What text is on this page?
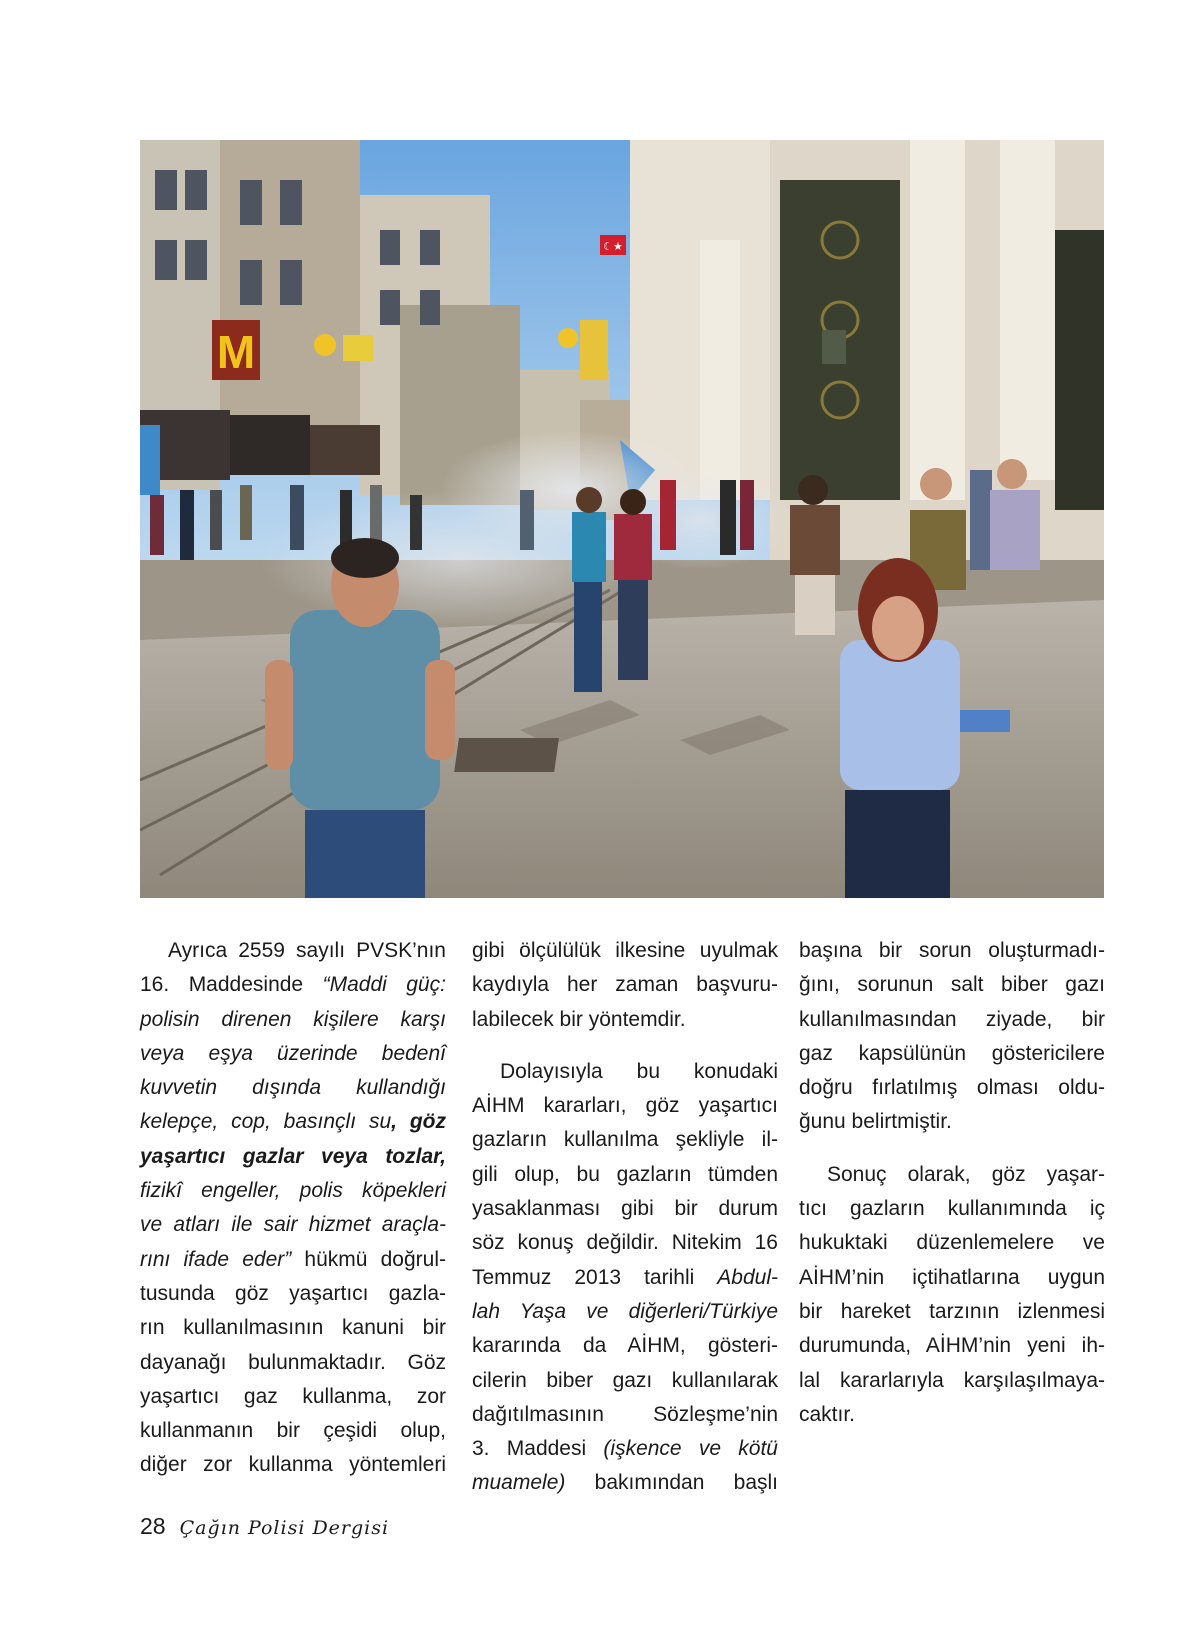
M
☾★

Ayrıca 2559 sayılı PVSK’nın
16. Maddesinde “Maddi güç:
polisin direnen kişilere karşı
veya eşya üzerinde bedenî
kuvvetin dışında kullandığı
kelepçe, cop, basınçlı su, göz
yaşartıcı gazlar veya tozlar,
fizikî engeller, polis köpekleri
ve atları ile sair hizmet araçla-
rını ifade eder” hükmü doğrul-
tusunda göz yaşartıcı gazla-
rın kullanılmasının kanuni bir
dayanağı bulunmaktadır. Göz
yaşartıcı gaz kullanma, zor
kullanmanın bir çeşidi olup,
diğer zor kullanma yöntemleri

gibi ölçülülük ilkesine uyulmak
kaydıyla her zaman başvuru-
labilecek bir yöntemdir.

Dolayısıyla bu konudaki
AİHM kararları, göz yaşartıcı
gazların kullanılma şekliyle il-
gili olup, bu gazların tümden
yasaklanması gibi bir durum
söz konuş değildir. Nitekim 16
Temmuz 2013 tarihli Abdul-
lah Yaşa ve diğerleri/Türkiye
kararında da AİHM, gösteri-
cilerin biber gazı kullanılarak
dağıtılmasının Sözleşme’nin
3. Maddesi (işkence ve kötü
muamele) bakımından başlı

başına bir sorun oluşturmadı-
ğını, sorunun salt biber gazı
kullanılmasından ziyade, bir
gaz kapsülünün göstericilere
doğru fırlatılmış olması oldu-
ğunu belirtmiştir.

Sonuç olarak, göz yaşar-
tıcı gazların kullanımında iç
hukuktaki düzenlemelere ve
AİHM’nin içtihatlarına uygun
bir hareket tarzının izlenmesi
durumunda, AİHM’nin yeni ih-
lal kararlarıyla karşılaşılmaya-
caktır.

28 Çağın Polisi Dergisi
